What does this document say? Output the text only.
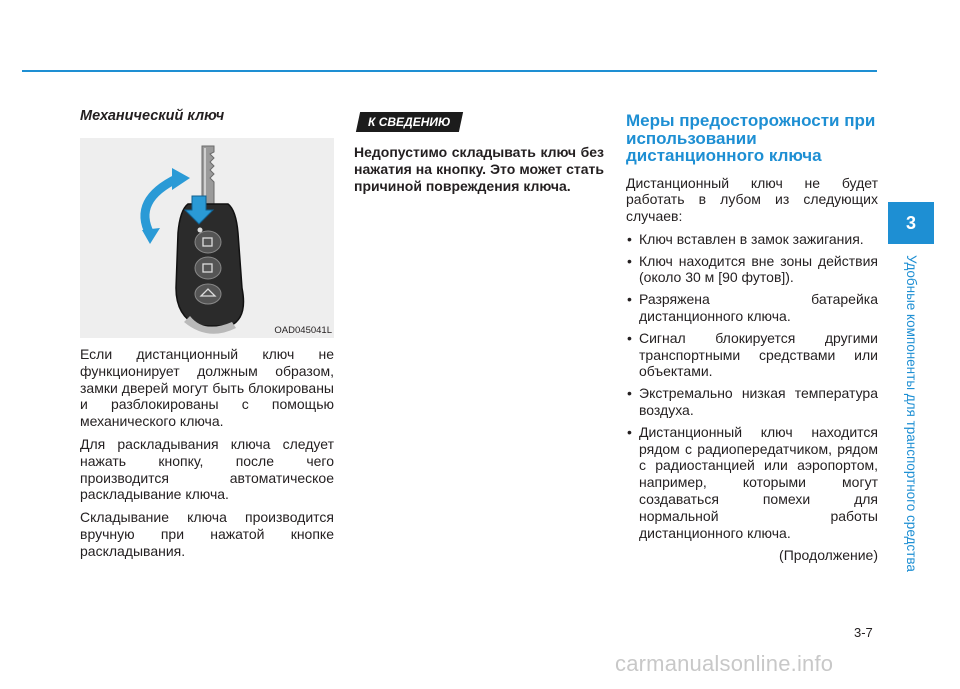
Механический ключ
OAD045041L

Если дистанционный ключ не функционирует должным образом, замки дверей могут быть блокированы и разблокированы с помощью механического ключа.

Для раскладывания ключа следует нажать кнопку, после чего производится автоматическое раскладывание ключа.

Складывание ключа производится вручную при нажатой кнопке раскладывания.

К СВЕДЕНИЮ

Недопустимо складывать ключ без нажатия на кнопку. Это может стать причиной повреждения ключа.

Меры предосторожности при использовании дистанционного ключа

Дистанционный ключ не будет работать в лубом из следующих случаев:

• Ключ вставлен в замок зажигания.
• Ключ находится вне зоны действия (около 30 м [90 футов]).
• Разряжена батарейка дистанционного ключа.
• Сигнал блокируется другими транспортными средствами или объектами.
• Экстремально низкая температура воздуха.
• Дистанционный ключ находится рядом с радиопередатчиком, рядом с радиостанцией или аэропортом, например, которыми могут создаваться помехи для нормальной работы дистанционного ключа.
(Продолжение)
3
Удобные компоненты для транспортного средства
3-7
carmanualsonline.info
